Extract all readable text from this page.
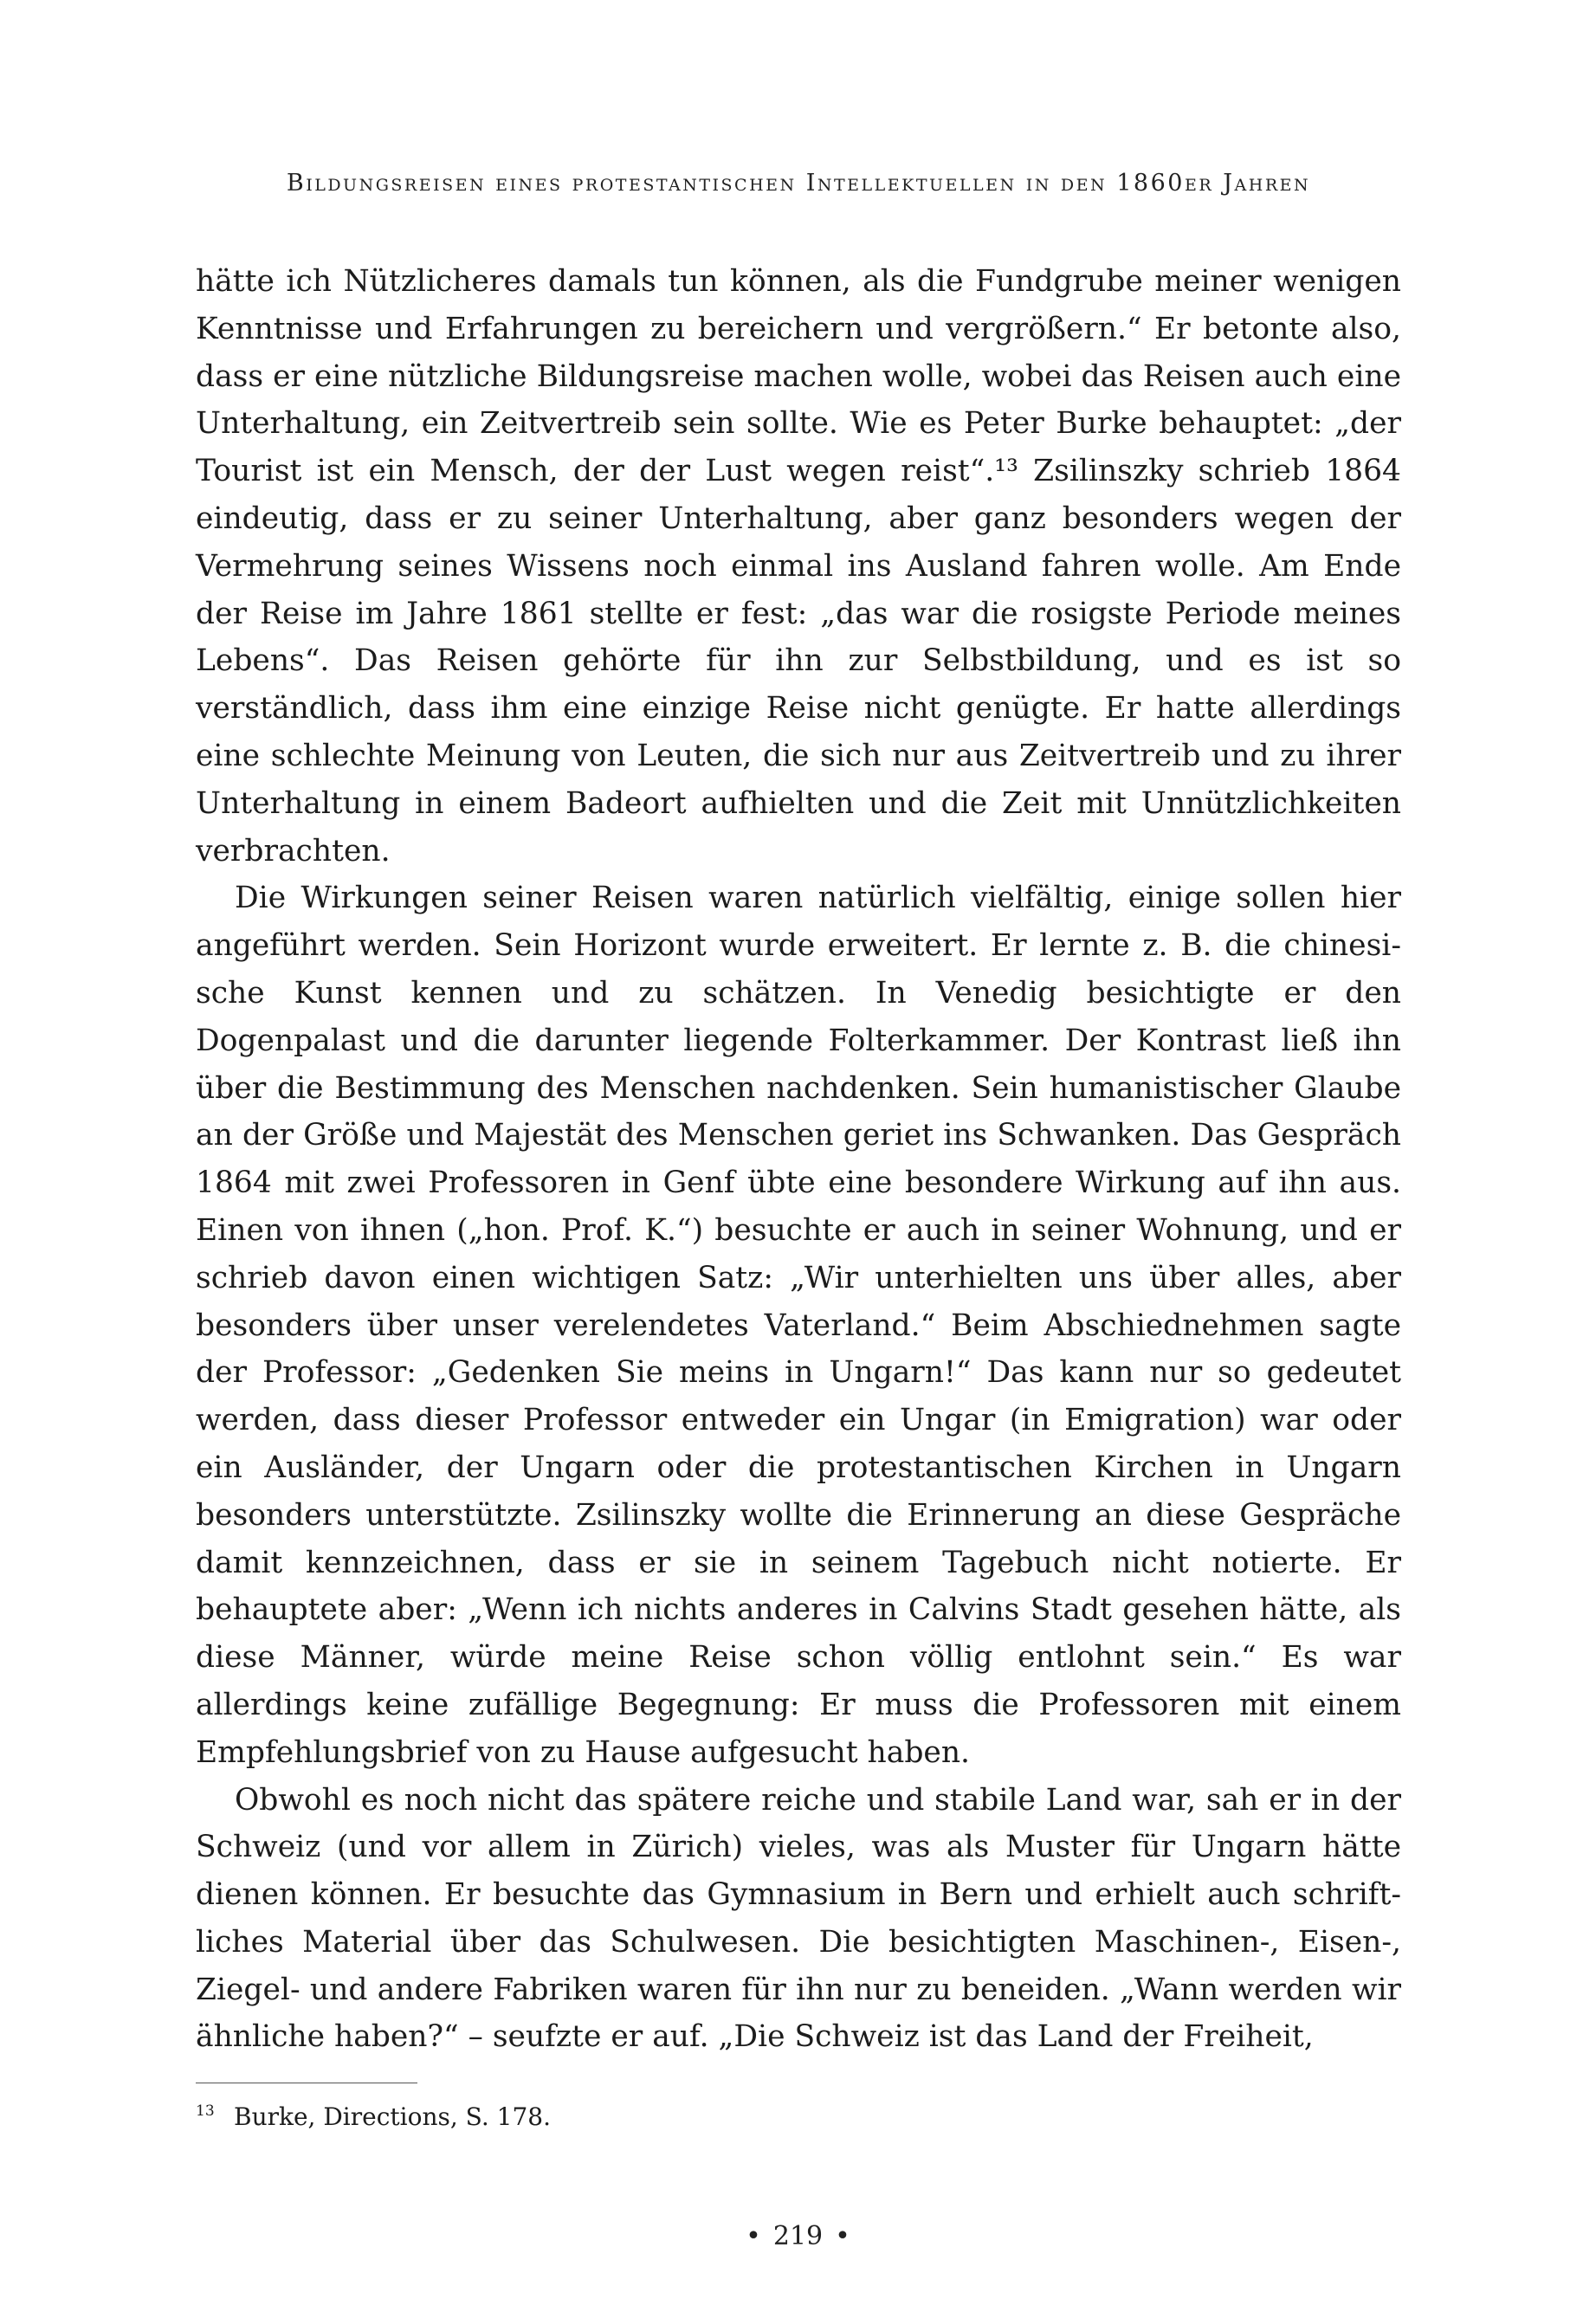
Bildungsreisen eines protestantischen Intellektuellen in den 1860er Jahren

hätte ich Nützlicheres damals tun können, als die Fundgrube meiner wenigen Kenntnisse und Erfahrungen zu bereichern und vergrößern.“ Er betonte also, dass er eine nützliche Bildungsreise machen wolle, wobei das Reisen auch eine Unterhaltung, ein Zeitvertreib sein sollte. Wie es Peter Burke behauptet: „der Tourist ist ein Mensch, der der Lust wegen reist“.¹³ Zsilinszky schrieb 1864 eindeutig, dass er zu seiner Unterhaltung, aber ganz besonders wegen der Vermehrung seines Wissens noch einmal ins Ausland fahren wolle. Am Ende der Reise im Jahre 1861 stellte er fest: „das war die rosigste Periode meines Lebens“. Das Reisen gehörte für ihn zur Selbstbildung, und es ist so verständlich, dass ihm eine einzige Reise nicht genügte. Er hatte allerdings eine schlechte Meinung von Leuten, die sich nur aus Zeitvertreib und zu ihrer Unterhaltung in einem Badeort aufhielten und die Zeit mit Unnützlichkeiten verbrachten.

Die Wirkungen seiner Reisen waren natürlich vielfältig, einige sollen hier angeführt werden. Sein Horizont wurde erweitert. Er lernte z. B. die chinesische Kunst kennen und zu schätzen. In Venedig besichtigte er den Dogenpalast und die darunter liegende Folterkammer. Der Kontrast ließ ihn über die Bestimmung des Menschen nachdenken. Sein humanistischer Glaube an der Größe und Majestät des Menschen geriet ins Schwanken. Das Gespräch 1864 mit zwei Professoren in Genf übte eine besondere Wirkung auf ihn aus. Einen von ihnen („hon. Prof. K.“) besuchte er auch in seiner Wohnung, und er schrieb davon einen wichtigen Satz: „Wir unterhielten uns über alles, aber besonders über unser verelendetes Vaterland.“ Beim Abschiednehmen sagte der Professor: „Gedenken Sie meins in Ungarn!“ Das kann nur so gedeutet werden, dass dieser Professor entweder ein Ungar (in Emigration) war oder ein Ausländer, der Ungarn oder die protestantischen Kirchen in Ungarn besonders unterstützte. Zsilinszky wollte die Erinnerung an diese Gespräche damit kennzeichnen, dass er sie in seinem Tagebuch nicht notierte. Er behauptete aber: „Wenn ich nichts anderes in Calvins Stadt gesehen hätte, als diese Männer, würde meine Reise schon völlig entlohnt sein.“ Es war allerdings keine zufällige Begegnung: Er muss die Professoren mit einem Empfehlungsbrief von zu Hause aufgesucht haben.

Obwohl es noch nicht das spätere reiche und stabile Land war, sah er in der Schweiz (und vor allem in Zürich) vieles, was als Muster für Ungarn hätte dienen können. Er besuchte das Gymnasium in Bern und erhielt auch schriftliches Material über das Schulwesen. Die besichtigten Maschinen-, Eisen-, Ziegel- und andere Fabriken waren für ihn nur zu beneiden. „Wann werden wir ähnliche haben?“ – seufzte er auf. „Die Schweiz ist das Land der Freiheit,

13 Burke, Directions, S. 178.
• 219 •
